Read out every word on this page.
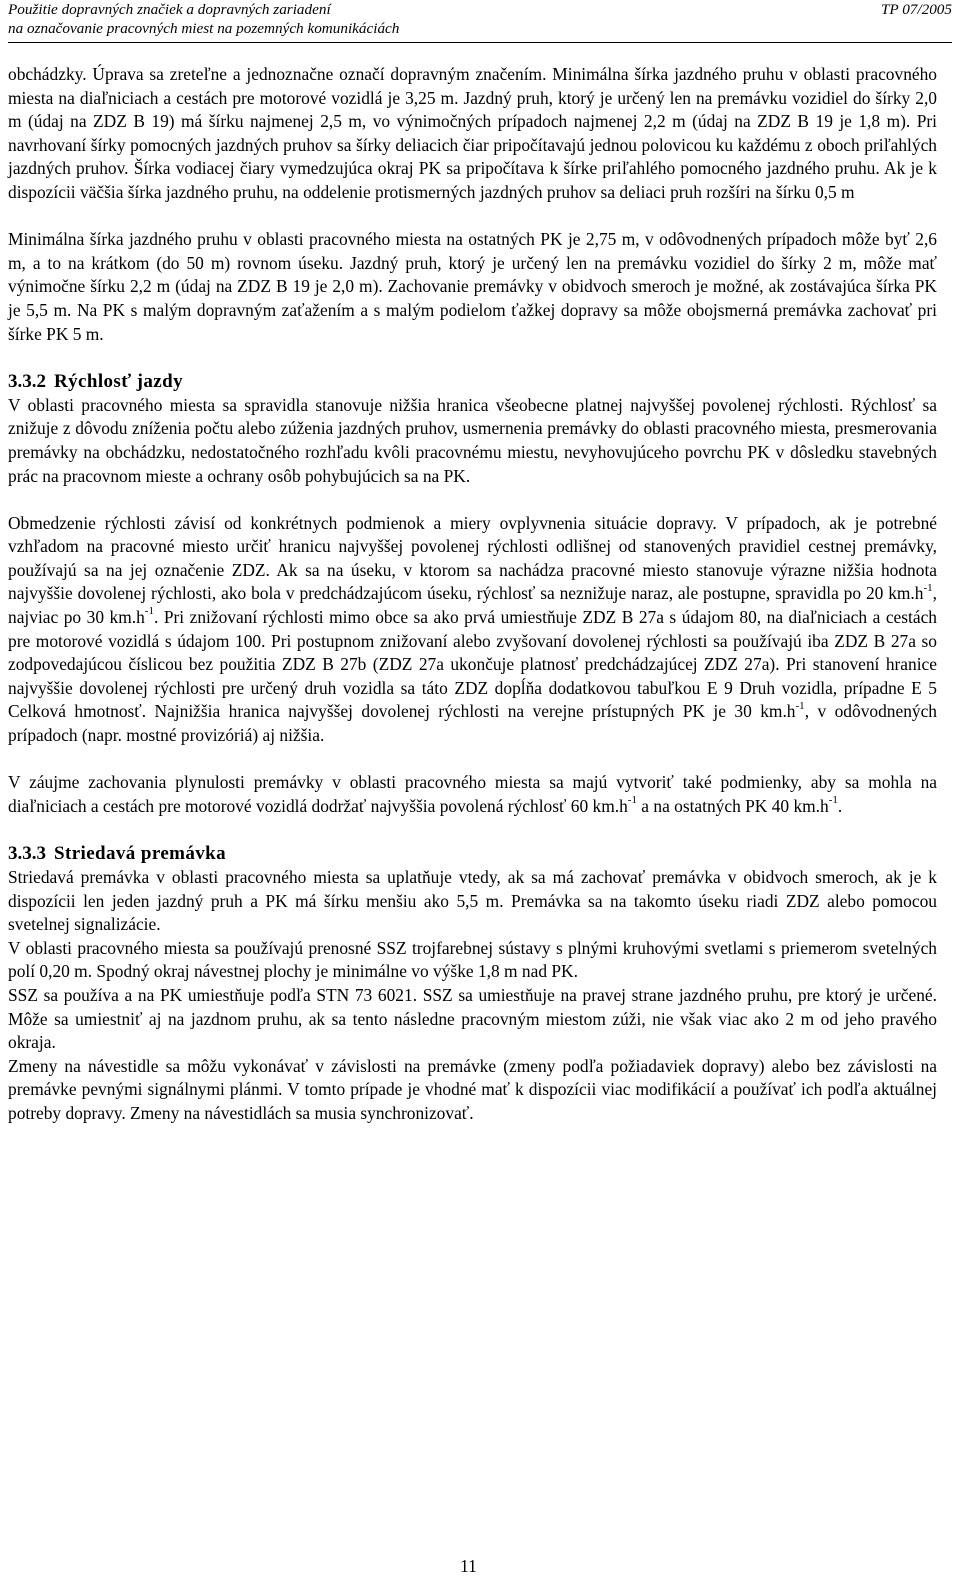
Použitie dopravných značiek a dopravných zariadení	TP 07/2005
na označovanie pracovných miest na pozemných komunikáciách

obchádzky. Úprava sa zreteľne a jednoznačne označí dopravným značením. Minimálna šírka jazdného pruhu v oblasti pracovného miesta na diaľniciach a cestách pre motorové vozidlá je 3,25 m. Jazdný pruh, ktorý je určený len na premávku vozidiel do šírky 2,0 m (údaj na ZDZ B 19) má šírku najmenej 2,5 m, vo výnimočných prípadoch najmenej 2,2 m (údaj na ZDZ B 19 je 1,8 m). Pri navrhovaní šírky pomocných jazdných pruhov sa šírky deliacich čiar pripočítavajú jednou polovicou ku každému z oboch priľahlých jazdných pruhov. Šírka vodiacej čiary vymedzujúca okraj PK sa pripočítava k šírke priľahlého pomocného jazdného pruhu. Ak je k dispozícii väčšia šírka jazdného pruhu, na oddelenie protismerných jazdných pruhov sa deliaci pruh rozšíri na šírku 0,5 m

Minimálna šírka jazdného pruhu v oblasti pracovného miesta na ostatných PK je 2,75 m, v odôvodnených prípadoch môže byť 2,6 m, a to na krátkom (do 50 m) rovnom úseku. Jazdný pruh, ktorý je určený len na premávku vozidiel do šírky 2 m, môže mať výnimočne šírku 2,2 m (údaj na ZDZ B 19 je 2,0 m). Zachovanie premávky v obidvoch smeroch je možné, ak zostávajúca šírka PK je 5,5 m. Na PK s malým dopravným zaťažením a s malým podielom ťažkej dopravy sa môže obojsmerná premávka zachovať pri šírke PK 5 m.

3.3.2 Rýchlosť jazdy

V oblasti pracovného miesta sa spravidla stanovuje nižšia hranica všeobecne platnej najvyššej povolenej rýchlosti. Rýchlosť sa znižuje z dôvodu zníženia počtu alebo zúženia jazdných pruhov, usmernenia premávky do oblasti pracovného miesta, presmerovania premávky na obchádzku, nedostatočného rozhľadu kvôli pracovnému miestu, nevyhovujúceho povrchu PK v dôsledku stavebných prác na pracovnom mieste a ochrany osôb pohybujúcich sa na PK.

Obmedzenie rýchlosti závisí od konkrétnych podmienok a miery ovplyvnenia situácie dopravy. V prípadoch, ak je potrebné vzhľadom na pracovné miesto určiť hranicu najvyššej povolenej rýchlosti odlišnej od stanovených pravidiel cestnej premávky, používajú sa na jej označenie ZDZ. Ak sa na úseku, v ktorom sa nachádza pracovné miesto stanovuje výrazne nižšia hodnota najvyššie dovolenej rýchlosti, ako bola v predchádzajúcom úseku, rýchlosť sa neznižuje naraz, ale postupne, spravidla po 20 $km.h^{-1}$, najviac po 30 $km.h^{-1}$. Pri znižovaní rýchlosti mimo obce sa ako prvá umiestňuje ZDZ B 27a s údajom 80, na diaľniciach a cestách pre motorové vozidlá s údajom 100. Pri postupnom znižovaní alebo zvyšovaní dovolenej rýchlosti sa používajú iba ZDZ B 27a so zodpovedajúcou číslicou bez použitia ZDZ B 27b (ZDZ 27a ukončuje platnosť predchádzajúcej ZDZ 27a). Pri stanovení hranice najvyššie dovolenej rýchlosti pre určený druh vozidla sa táto ZDZ dopĺňa dodatkovou tabuľkou E 9 Druh vozidla, prípadne E 5 Celková hmotnosť. Najnižšia hranica najvyššej dovolenej rýchlosti na verejne prístupných PK je 30 $km.h^{-1}$, v odôvodnených prípadoch (napr. mostné provizóriá) aj nižšia.

V záujme zachovania plynulosti premávky v oblasti pracovného miesta sa majú vytvoriť také podmienky, aby sa mohla na diaľniciach a cestách pre motorové vozidlá dodržať najvyššia povolená rýchlosť 60 $km.h^{-1}$ a na ostatných PK 40 $km.h^{-1}$.

3.3.3 Striedavá premávka

Striedavá premávka v oblasti pracovného miesta sa uplatňuje vtedy, ak sa má zachovať premávka v obidvoch smeroch, ak je k dispozícii len jeden jazdný pruh a PK má šírku menšiu ako 5,5 m. Premávka sa na takomto úseku riadi ZDZ alebo pomocou svetelnej signalizácie.

V oblasti pracovného miesta sa používajú prenosné SSZ trojfarebnej sústavy s plnými kruhovými svetlami s priemerom svetelných polí 0,20 m. Spodný okraj návestnej plochy je minimálne vo výške 1,8 m nad PK.

SSZ sa používa a na PK umiestňuje podľa STN 73 6021. SSZ sa umiestňuje na pravej strane jazdného pruhu, pre ktorý je určené. Môže sa umiestniť aj na jazdnom pruhu, ak sa tento následne pracovným miestom zúži, nie však viac ako 2 m od jeho pravého okraja.

Zmeny na návestidle sa môžu vykonávať v závislosti na premávke (zmeny podľa požiadaviek dopravy) alebo bez závislosti na premávke pevnými signálnymi plánmi. V tomto prípade je vhodné mať k dispozícii viac modifikácií a používať ich podľa aktuálnej potreby dopravy. Zmeny na návestidlách sa musia synchronizovať.

11
